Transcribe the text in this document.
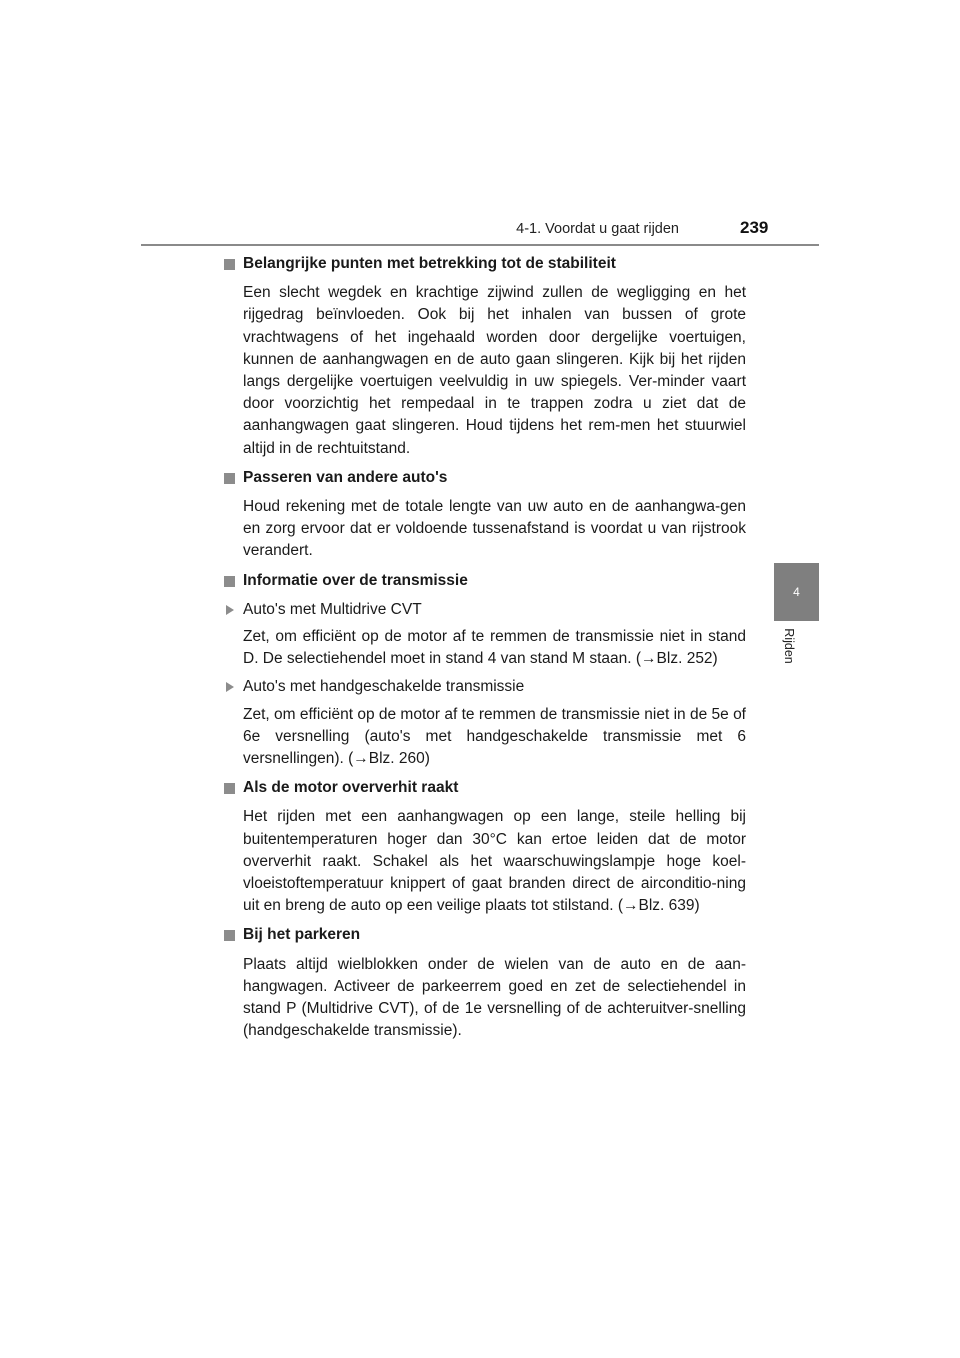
4-1. Voordat u gaat rijden	239
4
Rijden
Belangrijke punten met betrekking tot de stabiliteit

Een slecht wegdek en krachtige zijwind zullen de wegligging en het rijgedrag beïnvloeden. Ook bij het inhalen van bussen of grote vrachtwagens of het ingehaald worden door dergelijke voertuigen, kunnen de aanhangwagen en de auto gaan slingeren. Kijk bij het rijden langs dergelijke voertuigen veelvuldig in uw spiegels. Ver-minder vaart door voorzichtig het rempedaal in te trappen zodra u ziet dat de aanhangwagen gaat slingeren. Houd tijdens het rem-men het stuurwiel altijd in de rechtuitstand.

Passeren van andere auto's

Houd rekening met de totale lengte van uw auto en de aanhangwa-gen en zorg ervoor dat er voldoende tussenafstand is voordat u van rijstrook verandert.

Informatie over de transmissie
Auto's met Multidrive CVT

Zet, om efficiënt op de motor af te remmen de transmissie niet in stand D. De selectiehendel moet in stand 4 van stand M staan. (→Blz. 252)

Auto's met handgeschakelde transmissie

Zet, om efficiënt op de motor af te remmen de transmissie niet in de 5e of 6e versnelling (auto's met handgeschakelde transmissie met 6 versnellingen). (→Blz. 260)

Als de motor oververhit raakt

Het rijden met een aanhangwagen op een lange, steile helling bij buitentemperaturen hoger dan 30°C kan ertoe leiden dat de motor oververhit raakt. Schakel als het waarschuwingslampje hoge koel-vloeistoftemperatuur knippert of gaat branden direct de airconditio-ning uit en breng de auto op een veilige plaats tot stilstand. (→Blz. 639)

Bij het parkeren

Plaats altijd wielblokken onder de wielen van de auto en de aan-hangwagen. Activeer de parkeerrem goed en zet de selectiehendel in stand P (Multidrive CVT), of de 1e versnelling of de achteruitver-snelling (handgeschakelde transmissie).
